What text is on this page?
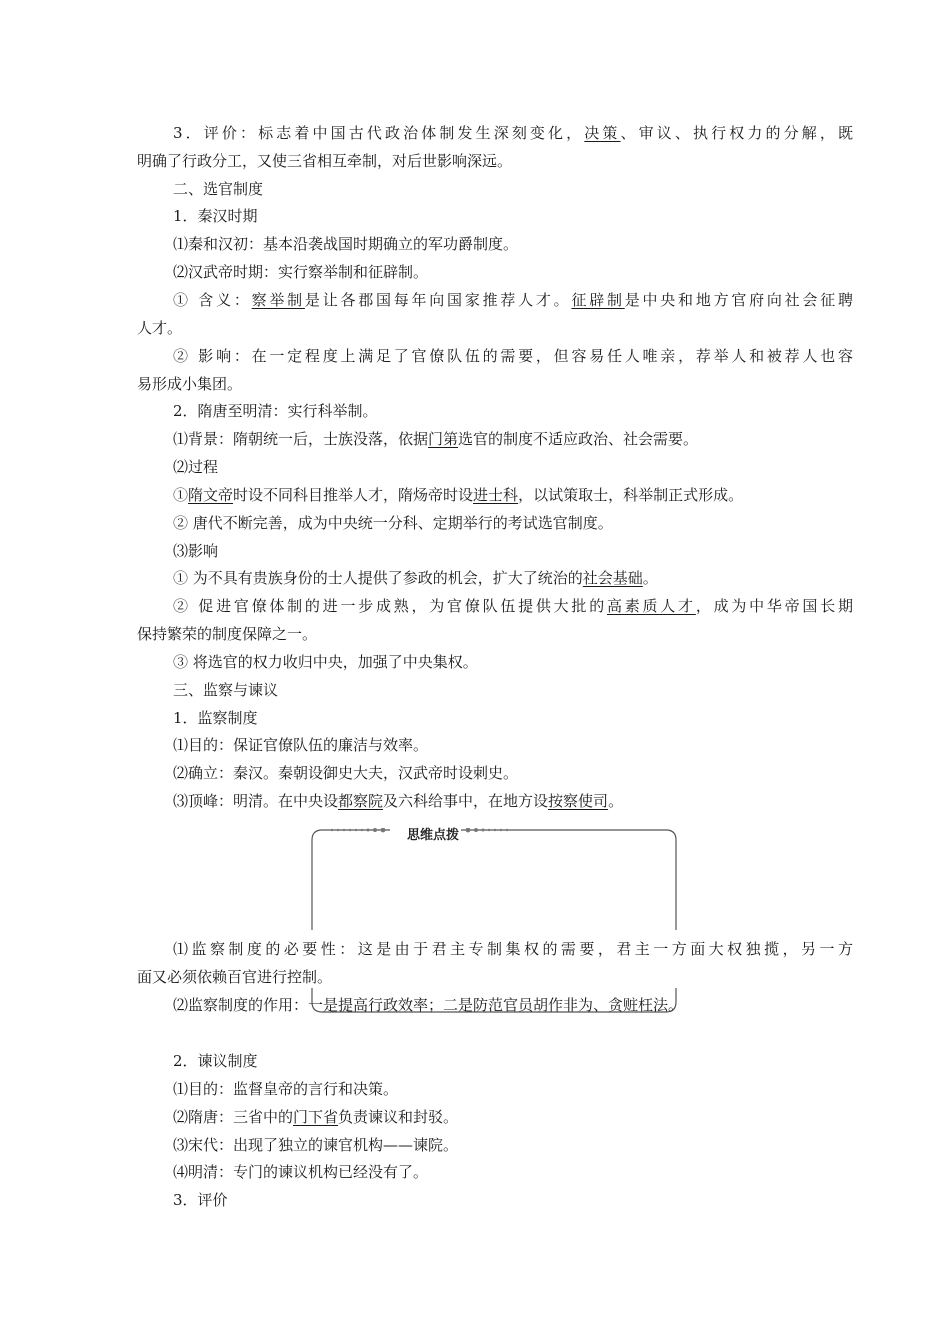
3．评价：标志着中国古代政治体制发生深刻变化，决策、审议、执行权力的分解，既
明确了行政分工，又使三省相互牵制，对后世影响深远。
二、选官制度
1．秦汉时期
⑴秦和汉初：基本沿袭战国时期确立的军功爵制度。
⑵汉武帝时期：实行察举制和征辟制。
① 含义：察举制是让各郡国每年向国家推荐人才。征辟制是中央和地方官府向社会征聘
人才。
② 影响：在一定程度上满足了官僚队伍的需要，但容易任人唯亲，荐举人和被荐人也容
易形成小集团。
2．隋唐至明清：实行科举制。
⑴背景：隋朝统一后，士族没落，依据门第选官的制度不适应政治、社会需要。
⑵过程
①隋文帝时设不同科目推举人才，隋炀帝时设进士科，以试策取士，科举制正式形成。
② 唐代不断完善，成为中央统一分科、定期举行的考试选官制度。
⑶影响
① 为不具有贵族身份的士人提供了参政的机会，扩大了统治的社会基础。
② 促进官僚体制的进一步成熟，为官僚队伍提供大批的高素质人才，成为中华帝国长期
保持繁荣的制度保障之一。
③ 将选官的权力收归中央，加强了中央集权。
三、监察与谏议
1．监察制度
⑴目的：保证官僚队伍的廉洁与效率。
⑵确立：秦汉。秦朝设御史大夫，汉武帝时设刺史。
⑶顶峰：明清。在中央设都察院及六科给事中，在地方设按察使司。
思维点拨
⑴监察制度的必要性：这是由于君主专制集权的需要，君主一方面大权独揽，另一方
面又必须依赖百官进行控制。
⑵监察制度的作用：一是提高行政效率；二是防范官员胡作非为、贪赃枉法。
2．谏议制度
⑴目的：监督皇帝的言行和决策。
⑵隋唐：三省中的门下省负责谏议和封驳。
⑶宋代：出现了独立的谏官机构——谏院。
⑷明清：专门的谏议机构已经没有了。
3．评价
